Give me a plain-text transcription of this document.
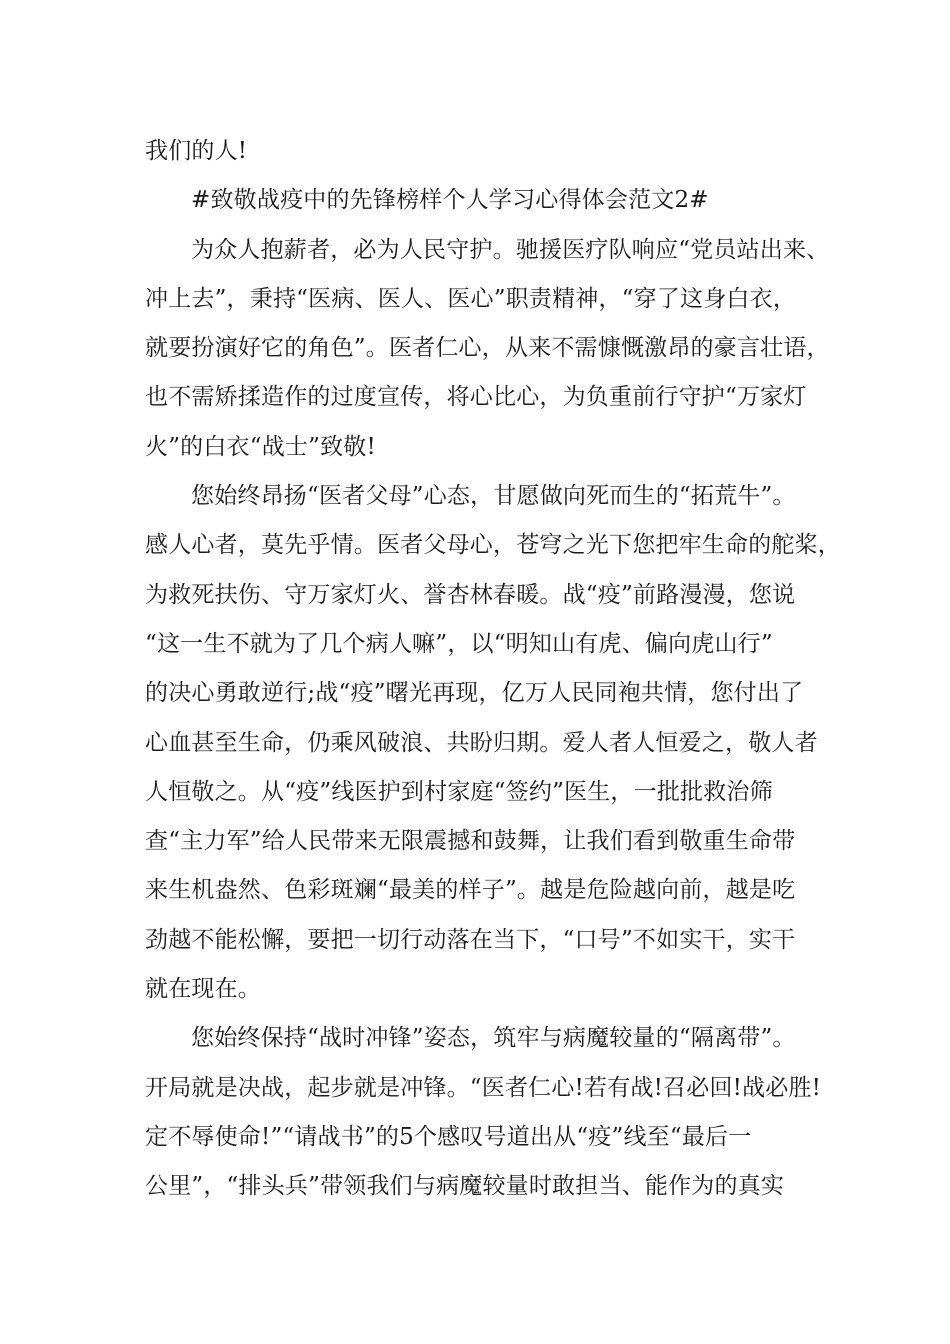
我们的人!
#致敬战疫中的先锋榜样个人学习心得体会范文2#
为众人抱薪者，必为人民守护。驰援医疗队响应“党员站出来、
冲上去”，秉持“医病、医人、医心”职责精神，“穿了这身白衣，
就要扮演好它的角色”。医者仁心，从来不需慷慨激昂的豪言壮语，
也不需矫揉造作的过度宣传，将心比心，为负重前行守护“万家灯
火”的白衣“战士”致敬!
您始终昂扬“医者父母”心态，甘愿做向死而生的“拓荒牛”。
感人心者，莫先乎情。医者父母心，苍穹之光下您把牢生命的舵桨，
为救死扶伤、守万家灯火、誉杏林春暖。战“疫”前路漫漫，您说
“这一生不就为了几个病人嘛”，以“明知山有虎、偏向虎山行”
的决心勇敢逆行;战“疫”曙光再现，亿万人民同袍共情，您付出了
心血甚至生命，仍乘风破浪、共盼归期。爱人者人恒爱之，敬人者
人恒敬之。从“疫”线医护到村家庭“签约”医生，一批批救治筛
查“主力军”给人民带来无限震撼和鼓舞，让我们看到敬重生命带
来生机盎然、色彩斑斓“最美的样子”。越是危险越向前，越是吃
劲越不能松懈，要把一切行动落在当下，“口号”不如实干，实干
就在现在。
您始终保持“战时冲锋”姿态，筑牢与病魔较量的“隔离带”。
开局就是决战，起步就是冲锋。“医者仁心!若有战!召必回!战必胜!
定不辱使命!”“请战书”的5个感叹号道出从“疫”线至“最后一
公里”，“排头兵”带领我们与病魔较量时敢担当、能作为的真实
